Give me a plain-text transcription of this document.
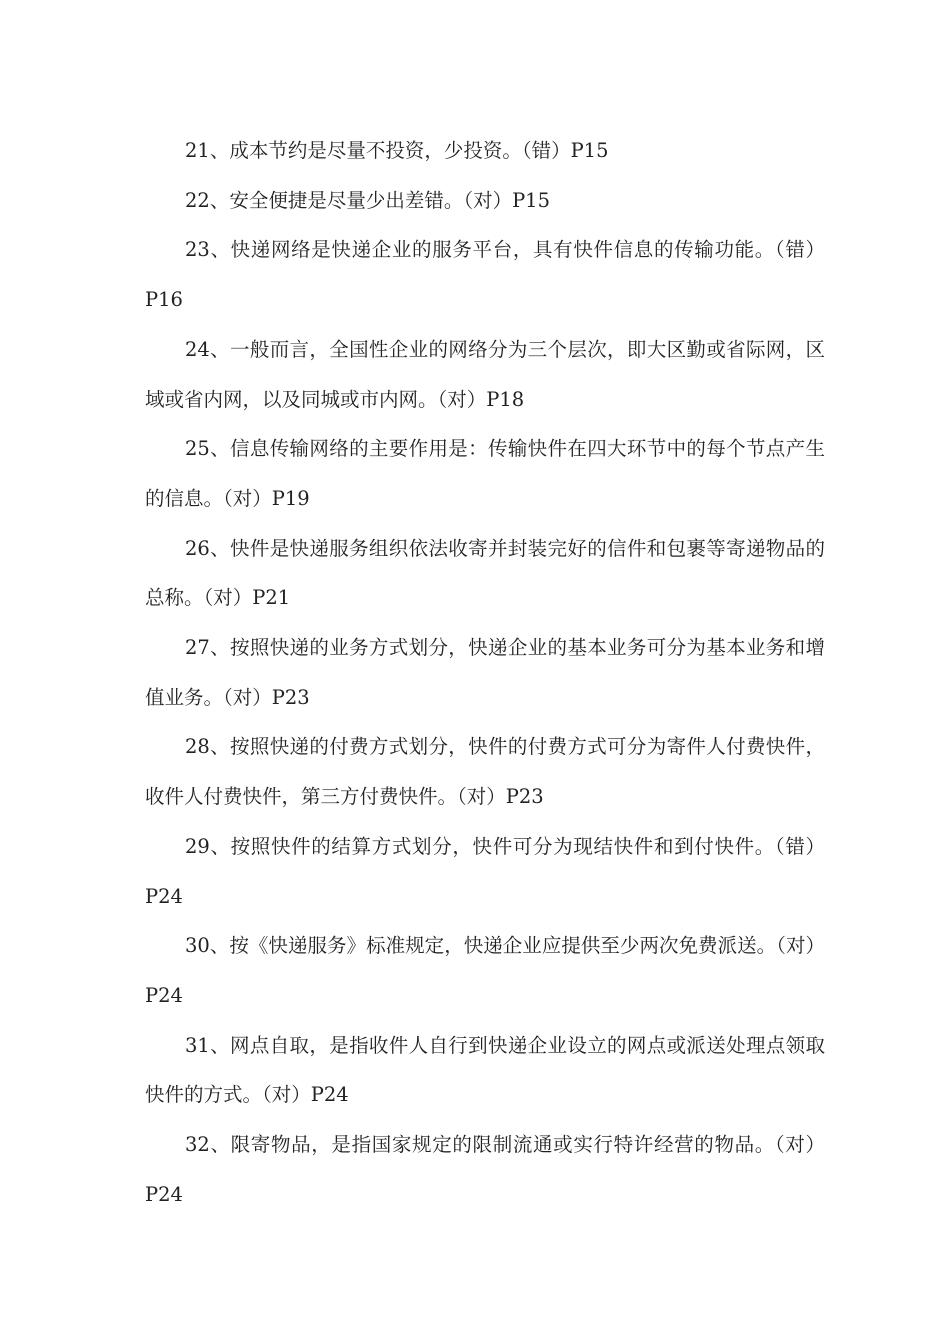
21、成本节约是尽量不投资，少投资。（错）P15

22、安全便捷是尽量少出差错。（对）P15

23、快递网络是快递企业的服务平台，具有快件信息的传输功能。（错）P16

24、一般而言，全国性企业的网络分为三个层次，即大区勤或省际网，区域或省内网，以及同城或市内网。（对）P18

25、信息传输网络的主要作用是：传输快件在四大环节中的每个节点产生的信息。（对）P19

26、快件是快递服务组织依法收寄并封装完好的信件和包裹等寄递物品的总称。（对）P21

27、按照快递的业务方式划分，快递企业的基本业务可分为基本业务和增值业务。（对）P23

28、按照快递的付费方式划分，快件的付费方式可分为寄件人付费快件，收件人付费快件，第三方付费快件。（对）P23

29、按照快件的结算方式划分，快件可分为现结快件和到付快件。（错）P24

30、按《快递服务》标准规定，快递企业应提供至少两次免费派送。（对）P24

31、网点自取，是指收件人自行到快递企业设立的网点或派送处理点领取快件的方式。（对）P24

32、限寄物品，是指国家规定的限制流通或实行特许经营的物品。（对）P24
